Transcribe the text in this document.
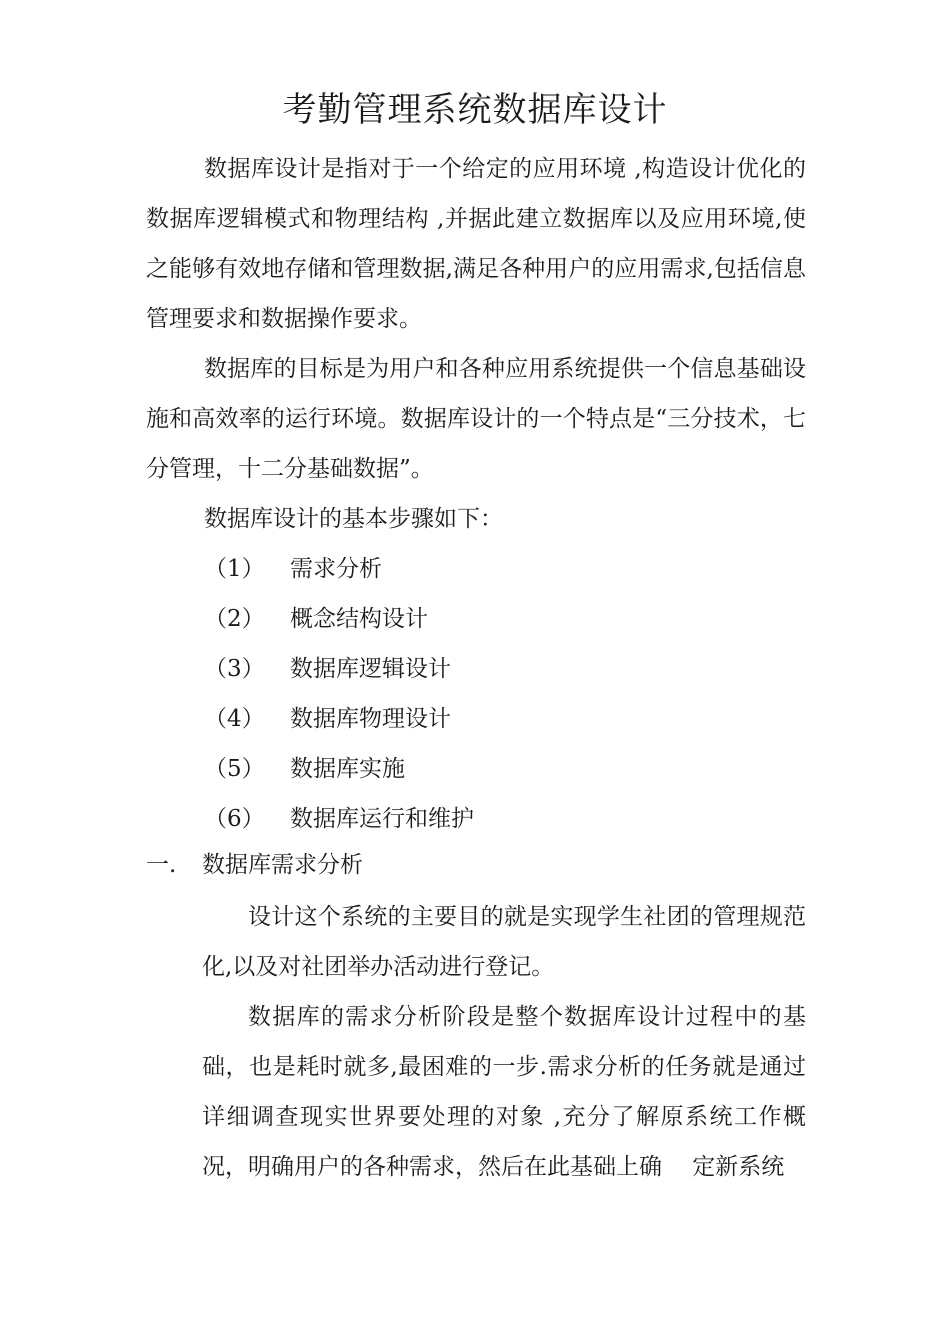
考勤管理系统数据库设计

数据库设计是指对于一个给定的应用环境 ,构造设计优化的数据库逻辑模式和物理结构 ,并据此建立数据库以及应用环境,使之能够有效地存储和管理数据,满足各种用户的应用需求,包括信息管理要求和数据操作要求。

数据库的目标是为用户和各种应用系统提供一个信息基础设施和高效率的运行环境。数据库设计的一个特点是“三分技术，七分管理，十二分基础数据”。

数据库设计的基本步骤如下：

（1）	需求分析
（2）	概念结构设计
（3）	数据库逻辑设计
（4）	数据库物理设计
（5）	数据库实施
（6）	数据库运行和维护
一.	数据库需求分析

设计这个系统的主要目的就是实现学生社团的管理规范化,以及对社团举办活动进行登记。

数据库的需求分析阶段是整个数据库设计过程中的基础，也是耗时就多,最困难的一步.需求分析的任务就是通过详细调查现实世界要处理的对象 ,充分了解原系统工作概况，明确用户的各种需求，然后在此基础上确　 定新系统
